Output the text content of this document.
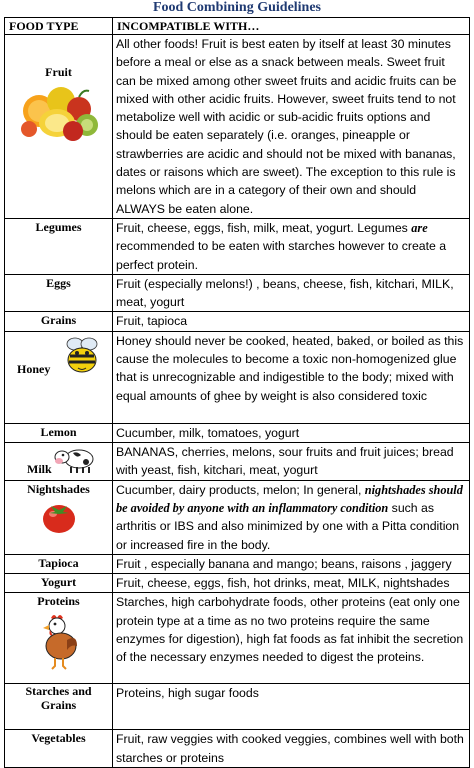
Food Combining Guidelines
FOOD TYPE	INCOMPATIBLE WITH…

Fruit	All other foods! Fruit is best eaten by itself at least 30 minutes before a meal or else as a snack between meals. Sweet fruit can be mixed among other sweet fruits and acidic fruits can be mixed with other acidic fruits. However, sweet fruits tend to not metabolize well with acidic or sub-acidic fruits options and should be eaten separately (i.e. oranges, pineapple or strawberries are acidic and should not be mixed with bananas, dates or raisons which are sweet). The exception to this rule is melons which are in a category of their own and should ALWAYS be eaten alone.

Legumes	Fruit, cheese, eggs, fish, milk, meat, yogurt. Legumes are recommended to be eaten with starches however to create a perfect protein.

Eggs	Fruit (especially melons!) , beans, cheese, fish, kitchari, MILK, meat, yogurt

Grains	Fruit, tapioca

Honey	Honey should never be cooked, heated, baked, or boiled as this cause the molecules to become a toxic non-homogenized glue that is unrecognizable and indigestible to the body; mixed with equal amounts of ghee by weight is also considered toxic

Lemon	Cucumber, milk, tomatoes, yogurt

Milk	BANANAS, cherries, melons, sour fruits and fruit juices; bread with yeast, fish, kitchari, meat, yogurt

Nightshades	Cucumber, dairy products, melon; In general, nightshades should be avoided by anyone with an inflammatory condition such as arthritis or IBS and also minimized by one with a Pitta condition or increased fire in the body.

Tapioca	Fruit , especially banana and mango; beans, raisons , jaggery

Yogurt	Fruit, cheese, eggs, fish, hot drinks, meat, MILK, nightshades

Proteins	Starches, high carbohydrate foods, other proteins (eat only one protein type at a time as no two proteins require the same enzymes for digestion), high fat foods as fat inhibit the secretion of the necessary enzymes needed to digest the proteins.

Starches and Grains	Proteins, high sugar foods

Vegetables	Fruit, raw veggies with cooked veggies, combines well with both starches or proteins
